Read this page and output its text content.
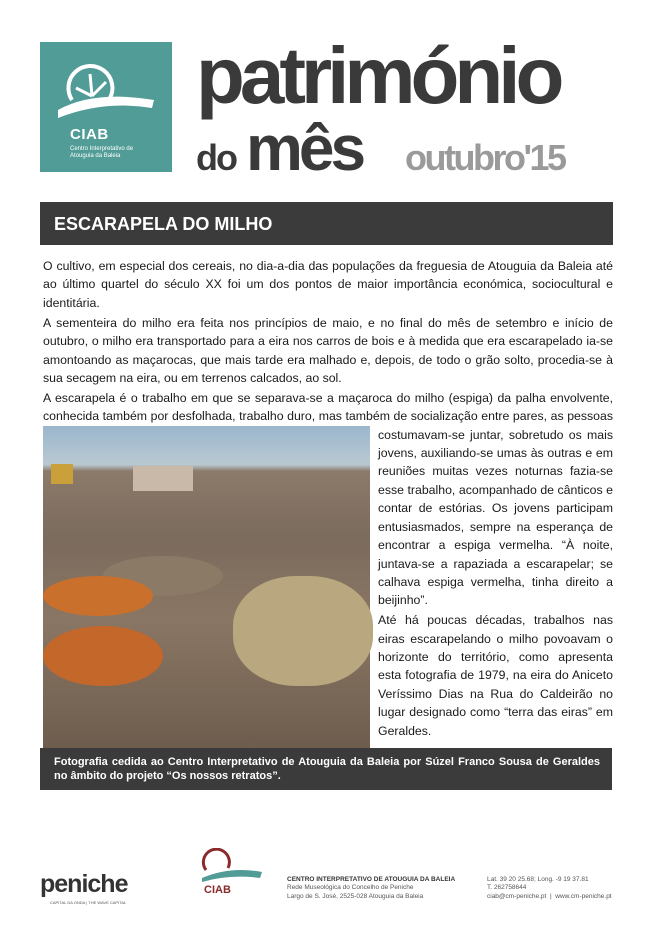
CIAB
Centro Interpretativo de Atouguia da Baleia
património
do mês outubro'15
ESCARAPELA DO MILHO

O cultivo, em especial dos cereais, no dia-a-dia das populações da freguesia de Atouguia da Baleia até ao último quartel do século XX foi um dos pontos de maior importância económica, sociocultural e identitária.

A sementeira do milho era feita nos princípios de maio, e no final do mês de setembro e início de outubro, o milho era transportado para a eira nos carros de bois e à medida que era escarapelado ia-se amontoando as maçarocas, que mais tarde era malhado e, depois, de todo o grão solto, procedia-se à sua secagem na eira, ou em terrenos calcados, ao sol.

A escarapela é o trabalho em que se separava-se a maçaroca do milho (espiga) da palha envolvente, conhecida também por desfolhada, trabalho duro, mas também de socialização entre pares, as pessoas costumavam-se juntar, sobretudo os mais jovens, auxiliando-se umas às outras e em reuniões muitas vezes noturnas fazia-se esse trabalho, acompanhado de cânticos e contar de estórias. Os jovens participam entusiasmados, sempre na esperança de encontrar a espiga vermelha. “À noite, juntava-se a rapaziada a escarapelar; se calhava espiga vermelha, tinha direito a beijinho”.

Até há poucas décadas, trabalhos nas eiras escarapelando o milho povoavam o horizonte do território, como apresenta esta fotografia de 1979, na eira do Aniceto Veríssimo Dias na Rua do Caldeirão no lugar designado como “terra das eiras” em Geraldes.

Fotografia cedida ao Centro Interpretativo de Atouguia da Baleia por Súzel Franco Sousa de Geraldes no âmbito do projeto “Os nossos retratos”.
peniche
CAPITAL DA ONDA | THE WAVE CAPITAL
CIAB
CENTRO INTERPRETATIVO DE ATOUGUIA DA BALEIA
Rede Museológica do Concelho de Peniche
Largo de S. José, 2525-028 Atouguia da Baleia
Lat. 39 20 25.68; Long. -9 19 37.81
T. 262758644
ciab@cm-peniche.pt  |  www.cm-peniche.pt
